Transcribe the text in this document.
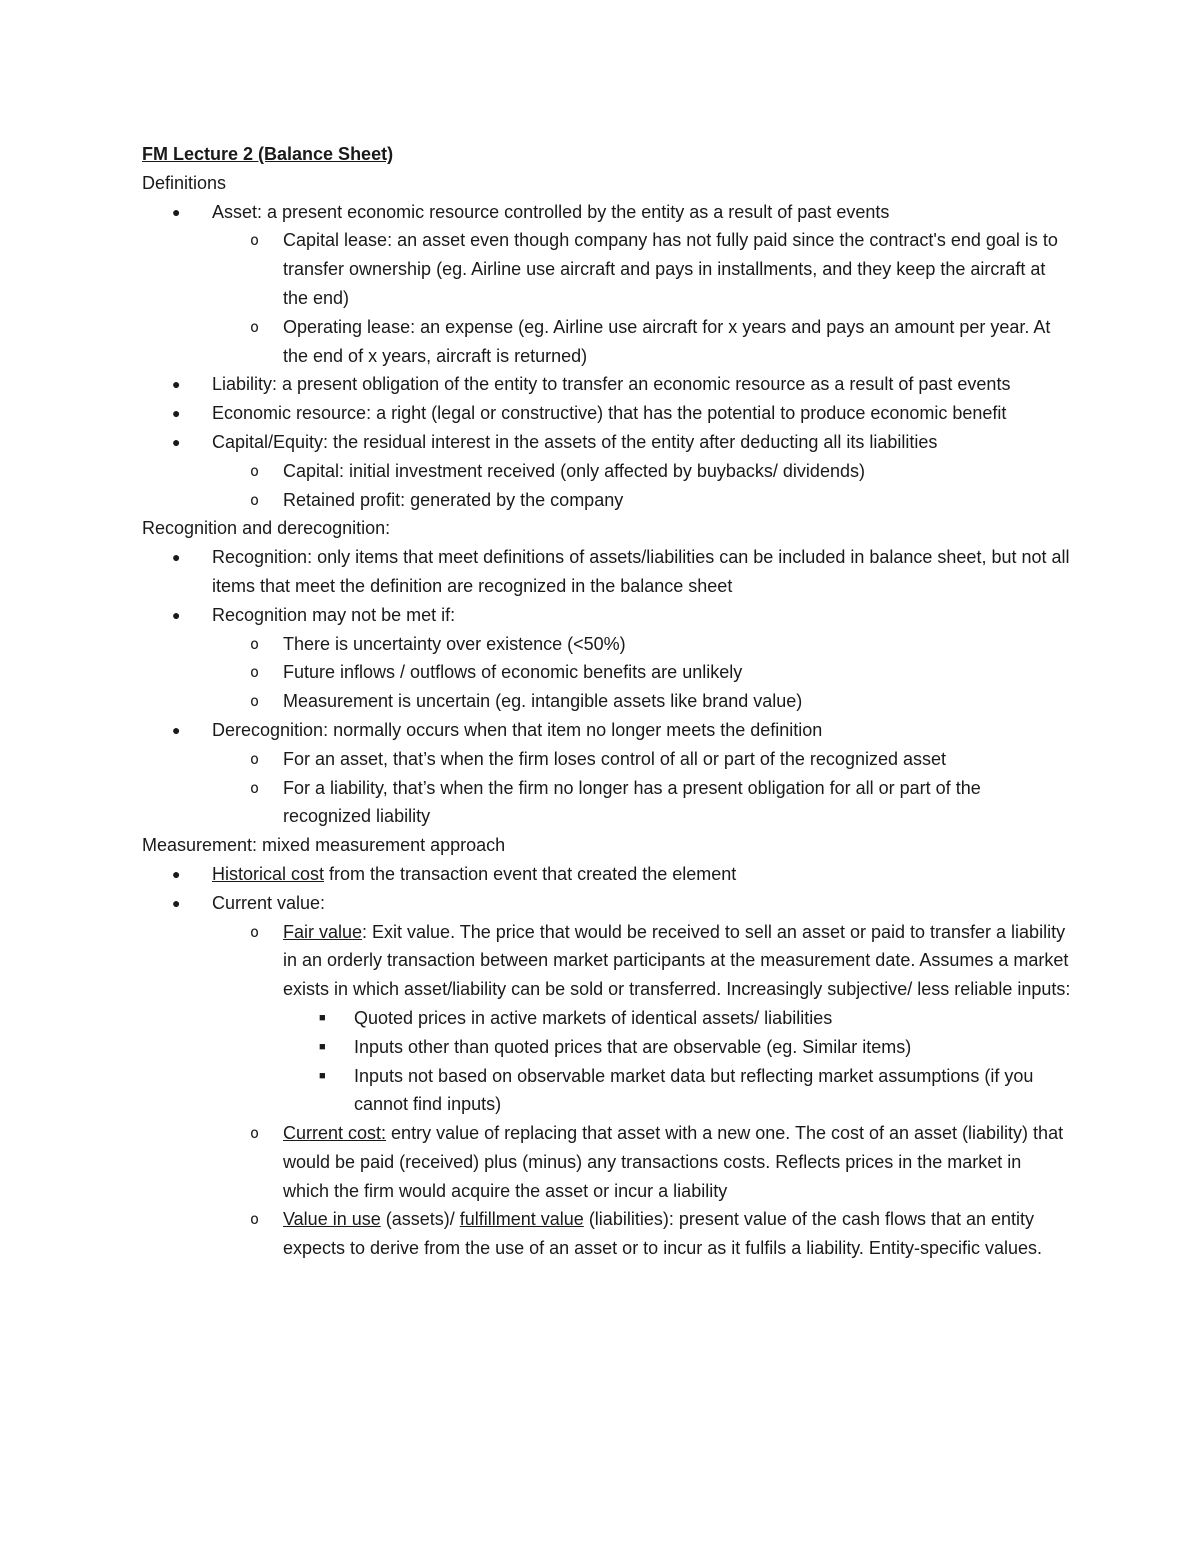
FM Lecture 2 (Balance Sheet)

Definitions

● Asset: a present economic resource controlled by the entity as a result of past events
o Capital lease: an asset even though company has not fully paid since the contract's end goal is to transfer ownership (eg. Airline use aircraft and pays in installments, and they keep the aircraft at the end)
o Operating lease: an expense (eg. Airline use aircraft for x years and pays an amount per year. At the end of x years, aircraft is returned)
● Liability: a present obligation of the entity to transfer an economic resource as a result of past events
● Economic resource: a right (legal or constructive) that has the potential to produce economic benefit
● Capital/Equity: the residual interest in the assets of the entity after deducting all its liabilities
o Capital: initial investment received (only affected by buybacks/ dividends)
o Retained profit: generated by the company

Recognition and derecognition:

● Recognition: only items that meet definitions of assets/liabilities can be included in balance sheet, but not all items that meet the definition are recognized in the balance sheet
● Recognition may not be met if:
o There is uncertainty over existence (<50%)
o Future inflows / outflows of economic benefits are unlikely
o Measurement is uncertain (eg. intangible assets like brand value)
● Derecognition: normally occurs when that item no longer meets the definition
o For an asset, that’s when the firm loses control of all or part of the recognized asset
o For a liability, that’s when the firm no longer has a present obligation for all or part of the recognized liability

Measurement: mixed measurement approach

● Historical cost from the transaction event that created the element
● Current value:
o Fair value: Exit value. The price that would be received to sell an asset or paid to transfer a liability in an orderly transaction between market participants at the measurement date. Assumes a market exists in which asset/liability can be sold or transferred. Increasingly subjective/ less reliable inputs:
■ Quoted prices in active markets of identical assets/ liabilities
■ Inputs other than quoted prices that are observable (eg. Similar items)
■ Inputs not based on observable market data but reflecting market assumptions (if you cannot find inputs)
o Current cost: entry value of replacing that asset with a new one. The cost of an asset (liability) that would be paid (received) plus (minus) any transactions costs. Reflects prices in the market in which the firm would acquire the asset or incur a liability
o Value in use (assets)/ fulfillment value (liabilities): present value of the cash flows that an entity expects to derive from the use of an asset or to incur as it fulfils a liability. Entity-specific values.
